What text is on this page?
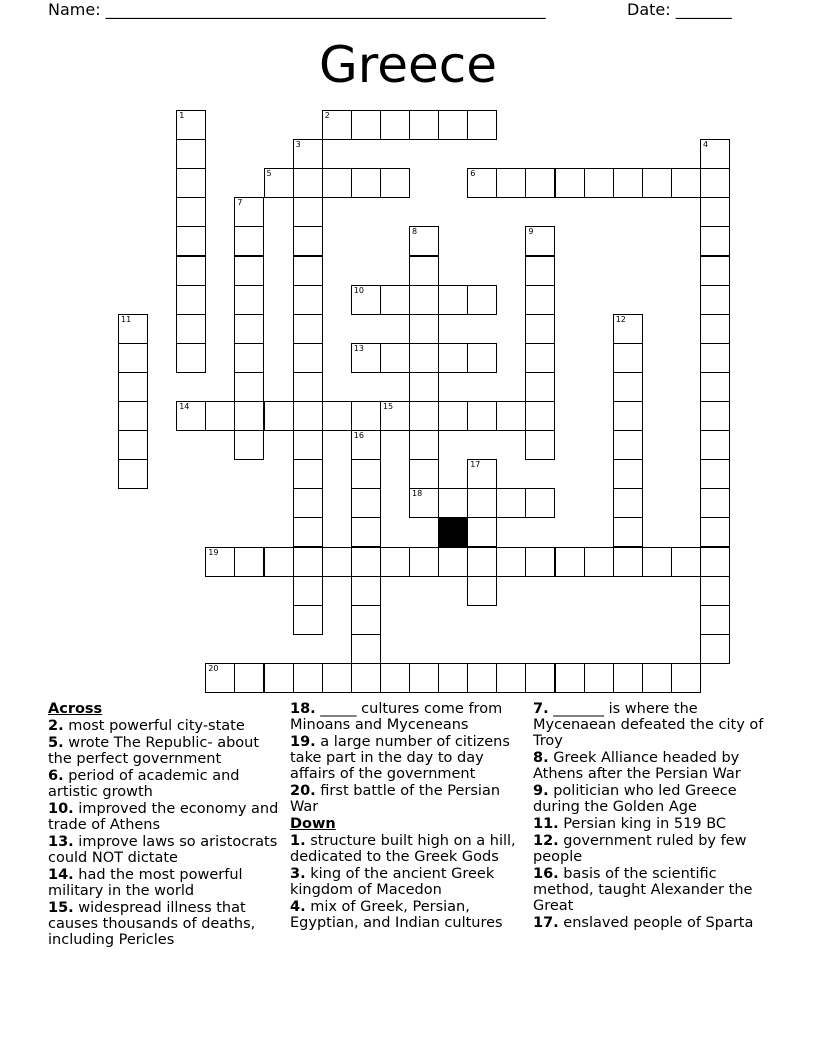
Name: _______________________________________________________	Date: _______
Greece
2
5	6
10
13
14	15
18
19
20
1
3	4
7
8	9
11	12
16
17
Across
2. most powerful city-state
5. wrote The Republic- about the perfect government
6. period of academic and artistic growth
10. improved the economy and trade of Athens
13. improve laws so aristocrats could NOT dictate
14. had the most powerful military in the world
15. widespread illness that causes thousands of deaths, including Pericles
18. _____ cultures come from Minoans and Myceneans
19. a large number of citizens take part in the day to day affairs of the government
20. first battle of the Persian War
Down
1. structure built high on a hill, dedicated to the Greek Gods
3. king of the ancient Greek kingdom of Macedon
4. mix of Greek, Persian, Egyptian, and Indian cultures
7. _______ is where the Mycenaean defeated the city of Troy
8. Greek Alliance headed by Athens after the Persian War
9. politician who led Greece during the Golden Age
11. Persian king in 519 BC
12. government ruled by few people
16. basis of the scientific method, taught Alexander the Great
17. enslaved people of Sparta
